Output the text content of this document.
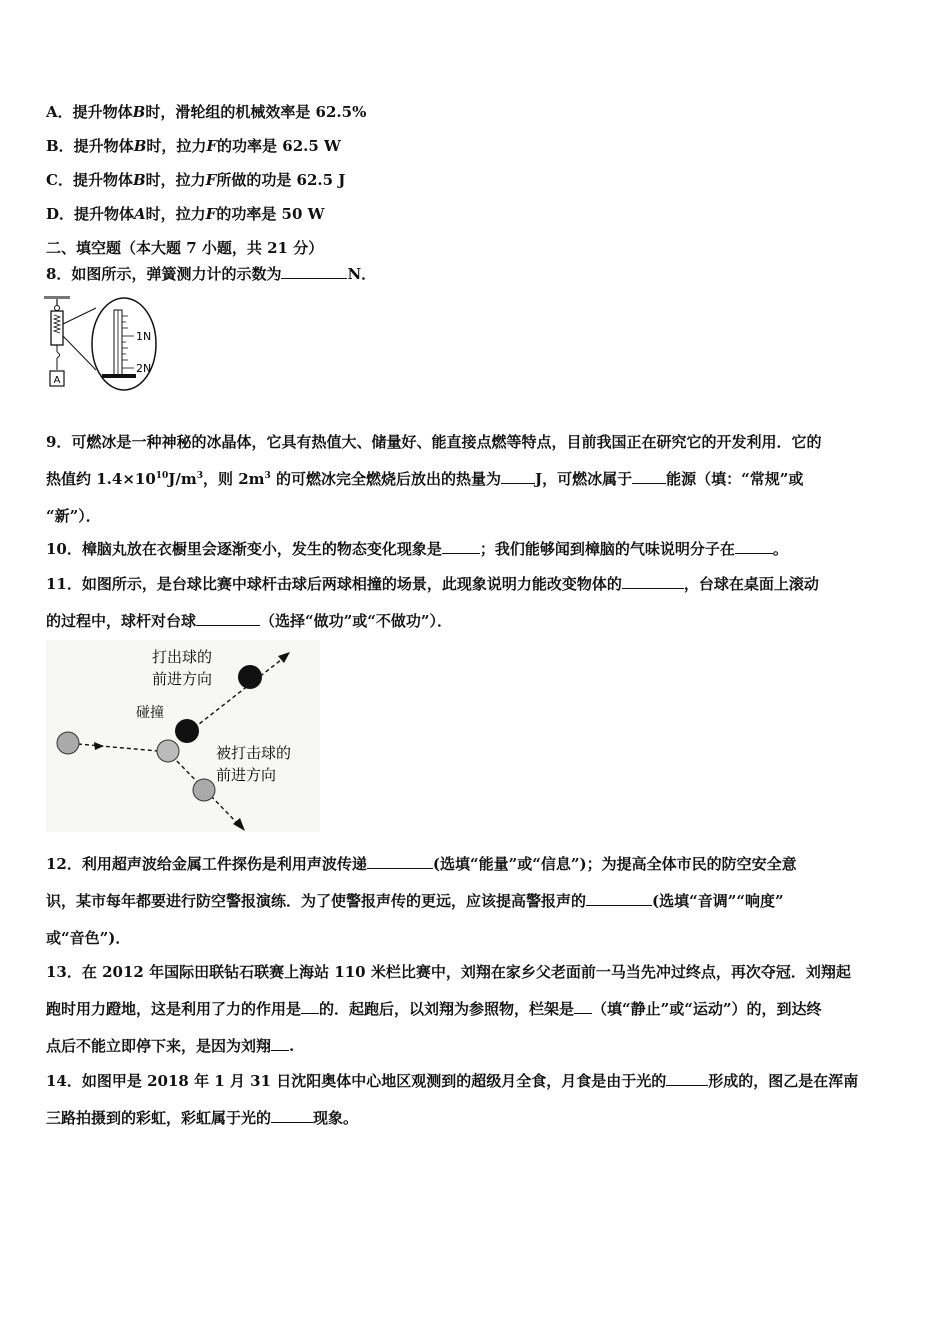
A．提升物体B时，滑轮组的机械效率是 62.5%
B．提升物体B时，拉力F的功率是 62.5 W
C．提升物体B时，拉力F所做的功是 62.5 J
D．提升物体A时，拉力F的功率是 50 W
二、填空题（本大题 7 小题，共 21 分）
8．如图所示，弹簧测力计的示数为	N．
A
1N
2N
9．可燃冰是一种神秘的冰晶体，它具有热值大、储量好、能直接点燃等特点，目前我国正在研究它的开发利用．它的
热值约 $1.4\times 10^{10}J/m^3$，则 $2m^3$ 的可燃冰完全燃烧后放出的热量为 J，可燃冰属于 能源（填：“常规”或
“新”）．
10．樟脑丸放在衣橱里会逐渐变小，发生的物态变化现象是	；我们能够闻到樟脑的气味说明分子在	。
11．如图所示，是台球比赛中球杆击球后两球相撞的场景，此现象说明力能改变物体的	，台球在桌面上滚动
的过程中，球杆对台球	（选择“做功”或“不做功”）．
打出球的
前进方向
碰撞
被打击球的
前进方向
12．利用超声波给金属工件探伤是利用声波传递	(选填“能量”或“信息”)；为提高全体市民的防空安全意
识，某市每年都要进行防空警报演练．为了使警报声传的更远，应该提高警报声的	(选填“音调”“响度”
或“音色”)．
13．在 2012 年国际田联钻石联赛上海站 110 米栏比赛中，刘翔在家乡父老面前一马当先冲过终点，再次夺冠．刘翔起
跑时用力蹬地，这是利用了力的作用是 的．起跑后，以刘翔为参照物，栏架是 （填“静止”或“运动”）的，到达终
点后不能立即停下来，是因为刘翔 .
14．如图甲是 2018 年 1 月 31 日沈阳奥体中心地区观测到的超级月全食，月食是由于光的	形成的，图乙是在浑南
三路拍摄到的彩虹，彩虹属于光的	现象。
